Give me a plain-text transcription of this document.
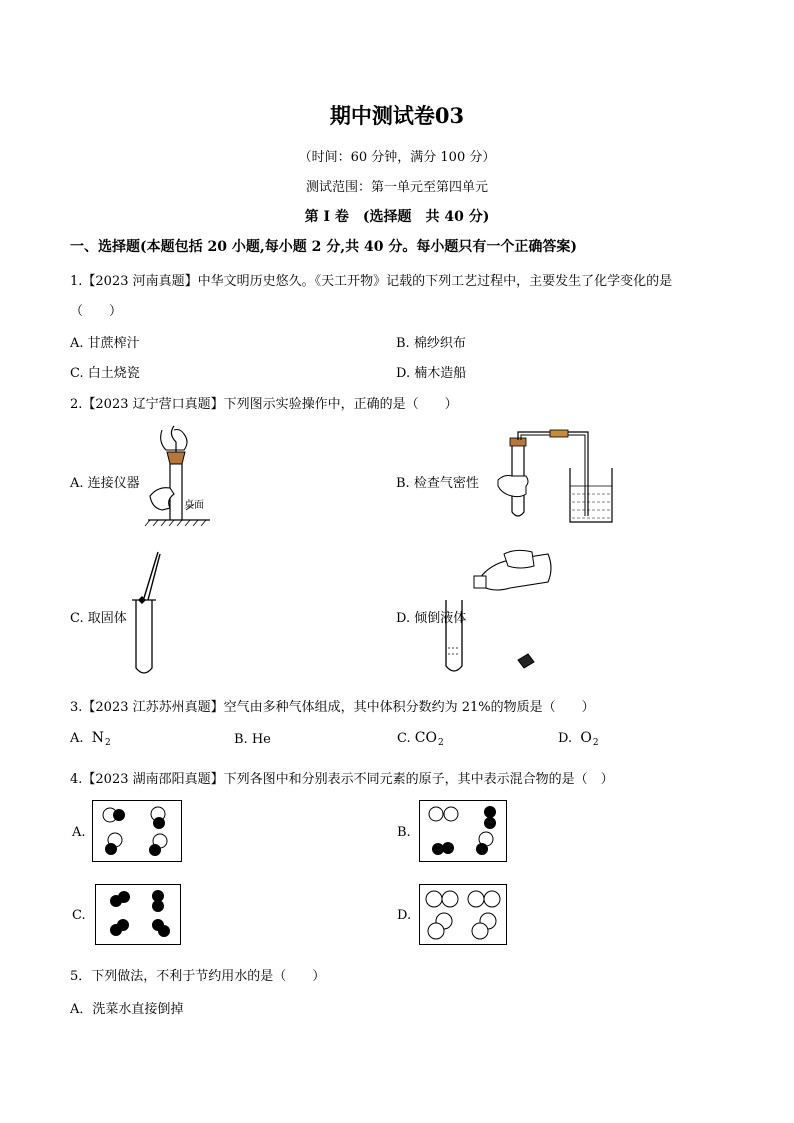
期中测试卷03
（时间：60 分钟，满分 100 分）
测试范围：第一单元至第四单元
第 I 卷　(选择题　共 40 分)
一、选择题(本题包括 20 小题,每小题 2 分,共 40 分。每小题只有一个正确答案)
1.【2023 河南真题】中华文明历史悠久。《天工开物》记载的下列工艺过程中，主要发生了化学变化的是
（　　）
A. 甘蔗榨汁	B. 棉纱织布
C. 白土烧瓷	D. 楠木造船
2.【2023 辽宁营口真题】下列图示实验操作中，正确的是（　　）
A. 连接仪器	B. 检查气密性
C. 取固体	D. 倾倒液体
桌面
3.【2023 江苏苏州真题】空气由多种气体组成，其中体积分数约为 21%的物质是（　　）
A. $N_2$	B. He	C. $CO_2$	D. $O_2$
4.【2023 湖南邵阳真题】下列各图中和分别表示不同元素的原子，其中表示混合物的是（　）
A.	B.
C.	D.
5．下列做法，不利于节约用水的是（　　）
A．洗菜水直接倒掉
